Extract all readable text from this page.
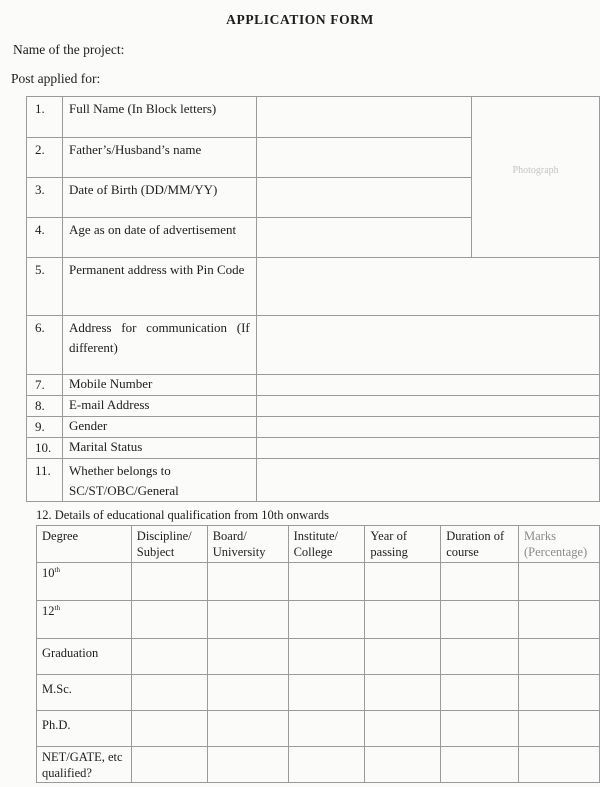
APPLICATION FORM
Name of the project:
Post applied for:
1.	Full Name (In Block letters)		Photograph

2.	Father’s/Husband’s name		
3.	Date of Birth (DD/MM/YY)		
4.	Age as on date of advertisement		
5.	Permanent address with Pin Code		
6.	Address for communication (If different)		
7.	Mobile Number		
8.	E-mail Address		
9.	Gender		
10.	Marital Status		
11.	Whether belongs to SC/ST/OBC/General		
12. Details of educational qualification from 10th onwards
Degree	Discipline/ Subject	Board/ University	Institute/ College	Year of passing	Duration of course	Marks (Percentage)
10th						
12th						
Graduation						
M.Sc.						
Ph.D.						
NET/GATE, etc qualified?						
